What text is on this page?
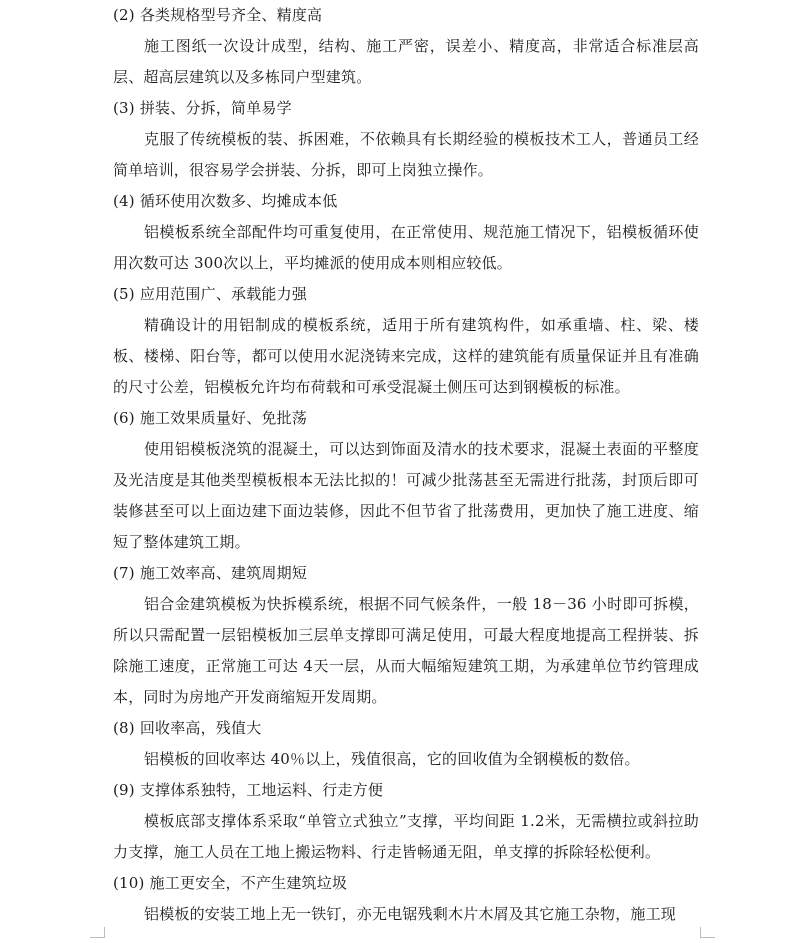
(2) 各类规格型号齐全、精度高
施工图纸一次设计成型，结构、施工严密，误差小、精度高，非常适合标准层高层、超高层建筑以及多栋同户型建筑。
(3) 拼装、分拆，简单易学
克服了传统模板的装、拆困难，不依赖具有长期经验的模板技术工人，普通员工经简单培训，很容易学会拼装、分拆，即可上岗独立操作。
(4) 循环使用次数多、均摊成本低
铝模板系统全部配件均可重复使用，在正常使用、规范施工情况下，铝模板循环使用次数可达 300次以上，平均摊派的使用成本则相应较低。
(5) 应用范围广、承载能力强
精确设计的用铝制成的模板系统，适用于所有建筑构件，如承重墙、柱、梁、楼板、楼梯、阳台等，都可以使用水泥浇铸来完成，这样的建筑能有质量保证并且有准确的尺寸公差，铝模板允许均布荷载和可承受混凝土侧压可达到钢模板的标准。
(6) 施工效果质量好、免批荡
使用铝模板浇筑的混凝土，可以达到饰面及清水的技术要求，混凝土表面的平整度及光洁度是其他类型模板根本无法比拟的！可减少批荡甚至无需进行批荡，封顶后即可装修甚至可以上面边建下面边装修，因此不但节省了批荡费用，更加快了施工进度、缩短了整体建筑工期。
(7) 施工效率高、建筑周期短
铝合金建筑模板为快拆模系统，根据不同气候条件，一般 18－36 小时即可拆模，所以只需配置一层铝模板加三层单支撑即可满足使用，可最大程度地提高工程拼装、拆除施工速度，正常施工可达 4天一层，从而大幅缩短建筑工期，为承建单位节约管理成本，同时为房地产开发商缩短开发周期。
(8) 回收率高，残值大
铝模板的回收率达 40％以上，残值很高，它的回收值为全钢模板的数倍。
(9) 支撑体系独特，工地运料、行走方便
模板底部支撑体系采取“单管立式独立”支撑，平均间距 1.2米，无需横拉或斜拉助力支撑，施工人员在工地上搬运物料、行走皆畅通无阻，单支撑的拆除轻松便利。
(10) 施工更安全，不产生建筑垃圾
铝模板的安装工地上无一铁钉，亦无电锯残剩木片木屑及其它施工杂物，施工现
